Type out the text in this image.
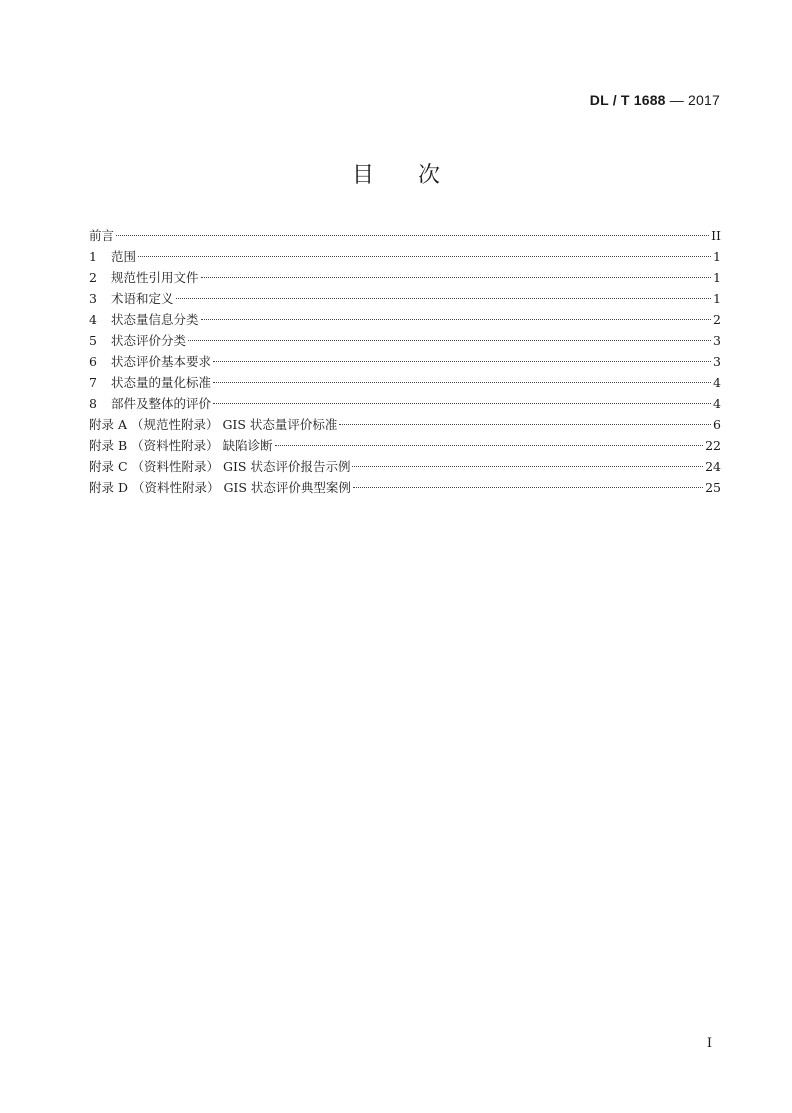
DL / T 1688 — 2017
目 次
前言	II
1	范围	1
2	规范性引用文件	1
3	术语和定义	1
4	状态量信息分类	2
5	状态评价分类	3
6	状态评价基本要求	3
7	状态量的量化标准	4
8	部件及整体的评价	4
附录 A （规范性附录） GIS 状态量评价标准	6
附录 B （资料性附录） 缺陷诊断	22
附录 C （资料性附录） GIS 状态评价报告示例	24
附录 D （资料性附录） GIS 状态评价典型案例	25
I
